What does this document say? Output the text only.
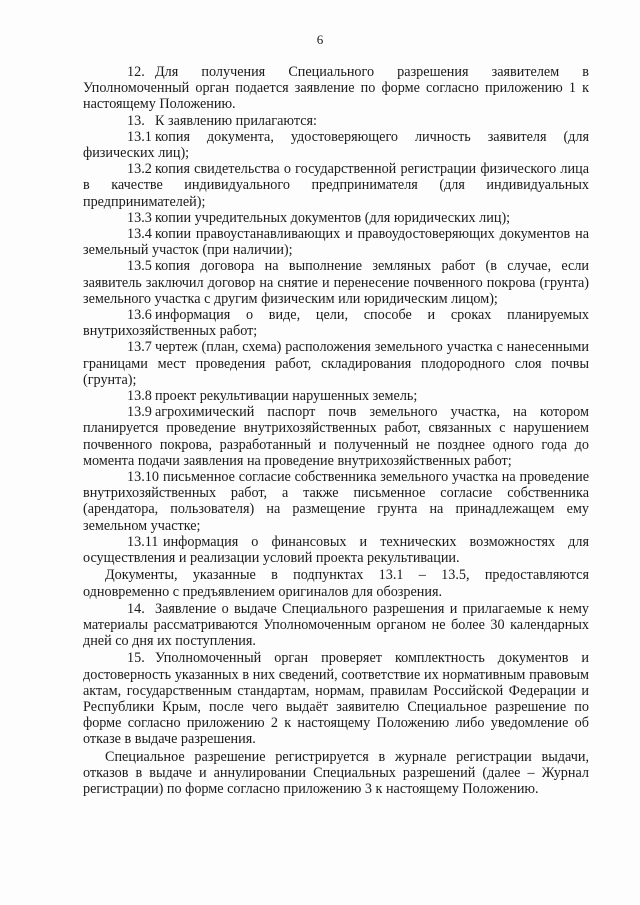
6

12. Для получения Специального разрешения заявителем в Уполномоченный орган подается заявление по форме согласно приложению 1 к настоящему Положению.

13. К заявлению прилагаются:

13.1 копия документа, удостоверяющего личность заявителя (для физических лиц);

13.2 копия свидетельства о государственной регистрации физического лица в качестве индивидуального предпринимателя (для индивидуальных предпринимателей);

13.3 копии учредительных документов (для юридических лиц);

13.4 копии правоустанавливающих и правоудостоверяющих документов на земельный участок (при наличии);

13.5 копия договора на выполнение земляных работ (в случае, если заявитель заключил договор на снятие и перенесение почвенного покрова (грунта) земельного участка с другим физическим или юридическим лицом);

13.6 информация о виде, цели, способе и сроках планируемых внутрихозяйственных работ;

13.7 чертеж (план, схема) расположения земельного участка с нанесенными границами мест проведения работ, складирования плодородного слоя почвы (грунта);

13.8 проект рекультивации нарушенных земель;

13.9 агрохимический паспорт почв земельного участка, на котором планируется проведение внутрихозяйственных работ, связанных с нарушением почвенного покрова, разработанный и полученный не позднее одного года до момента подачи заявления на проведение внутрихозяйственных работ;

13.10 письменное согласие собственника земельного участка на проведение внутрихозяйственных работ, а также письменное согласие собственника (арендатора, пользователя) на размещение грунта на принадлежащем ему земельном участке;

13.11 информация о финансовых и технических возможностях для осуществления и реализации условий проекта рекультивации.

Документы, указанные в подпунктах 13.1 – 13.5, предоставляются одновременно с предъявлением оригиналов для обозрения.

14. Заявление о выдаче Специального разрешения и прилагаемые к нему материалы рассматриваются Уполномоченным органом не более 30 календарных дней со дня их поступления.

15. Уполномоченный орган проверяет комплектность документов и достоверность указанных в них сведений, соответствие их нормативным правовым актам, государственным стандартам, нормам, правилам Российской Федерации и Республики Крым, после чего выдаёт заявителю Специальное разрешение по форме согласно приложению 2 к настоящему Положению либо уведомление об отказе в выдаче разрешения.

Специальное разрешение регистрируется в журнале регистрации выдачи, отказов в выдаче и аннулировании Специальных разрешений (далее – Журнал регистрации) по форме согласно приложению 3 к настоящему Положению.
